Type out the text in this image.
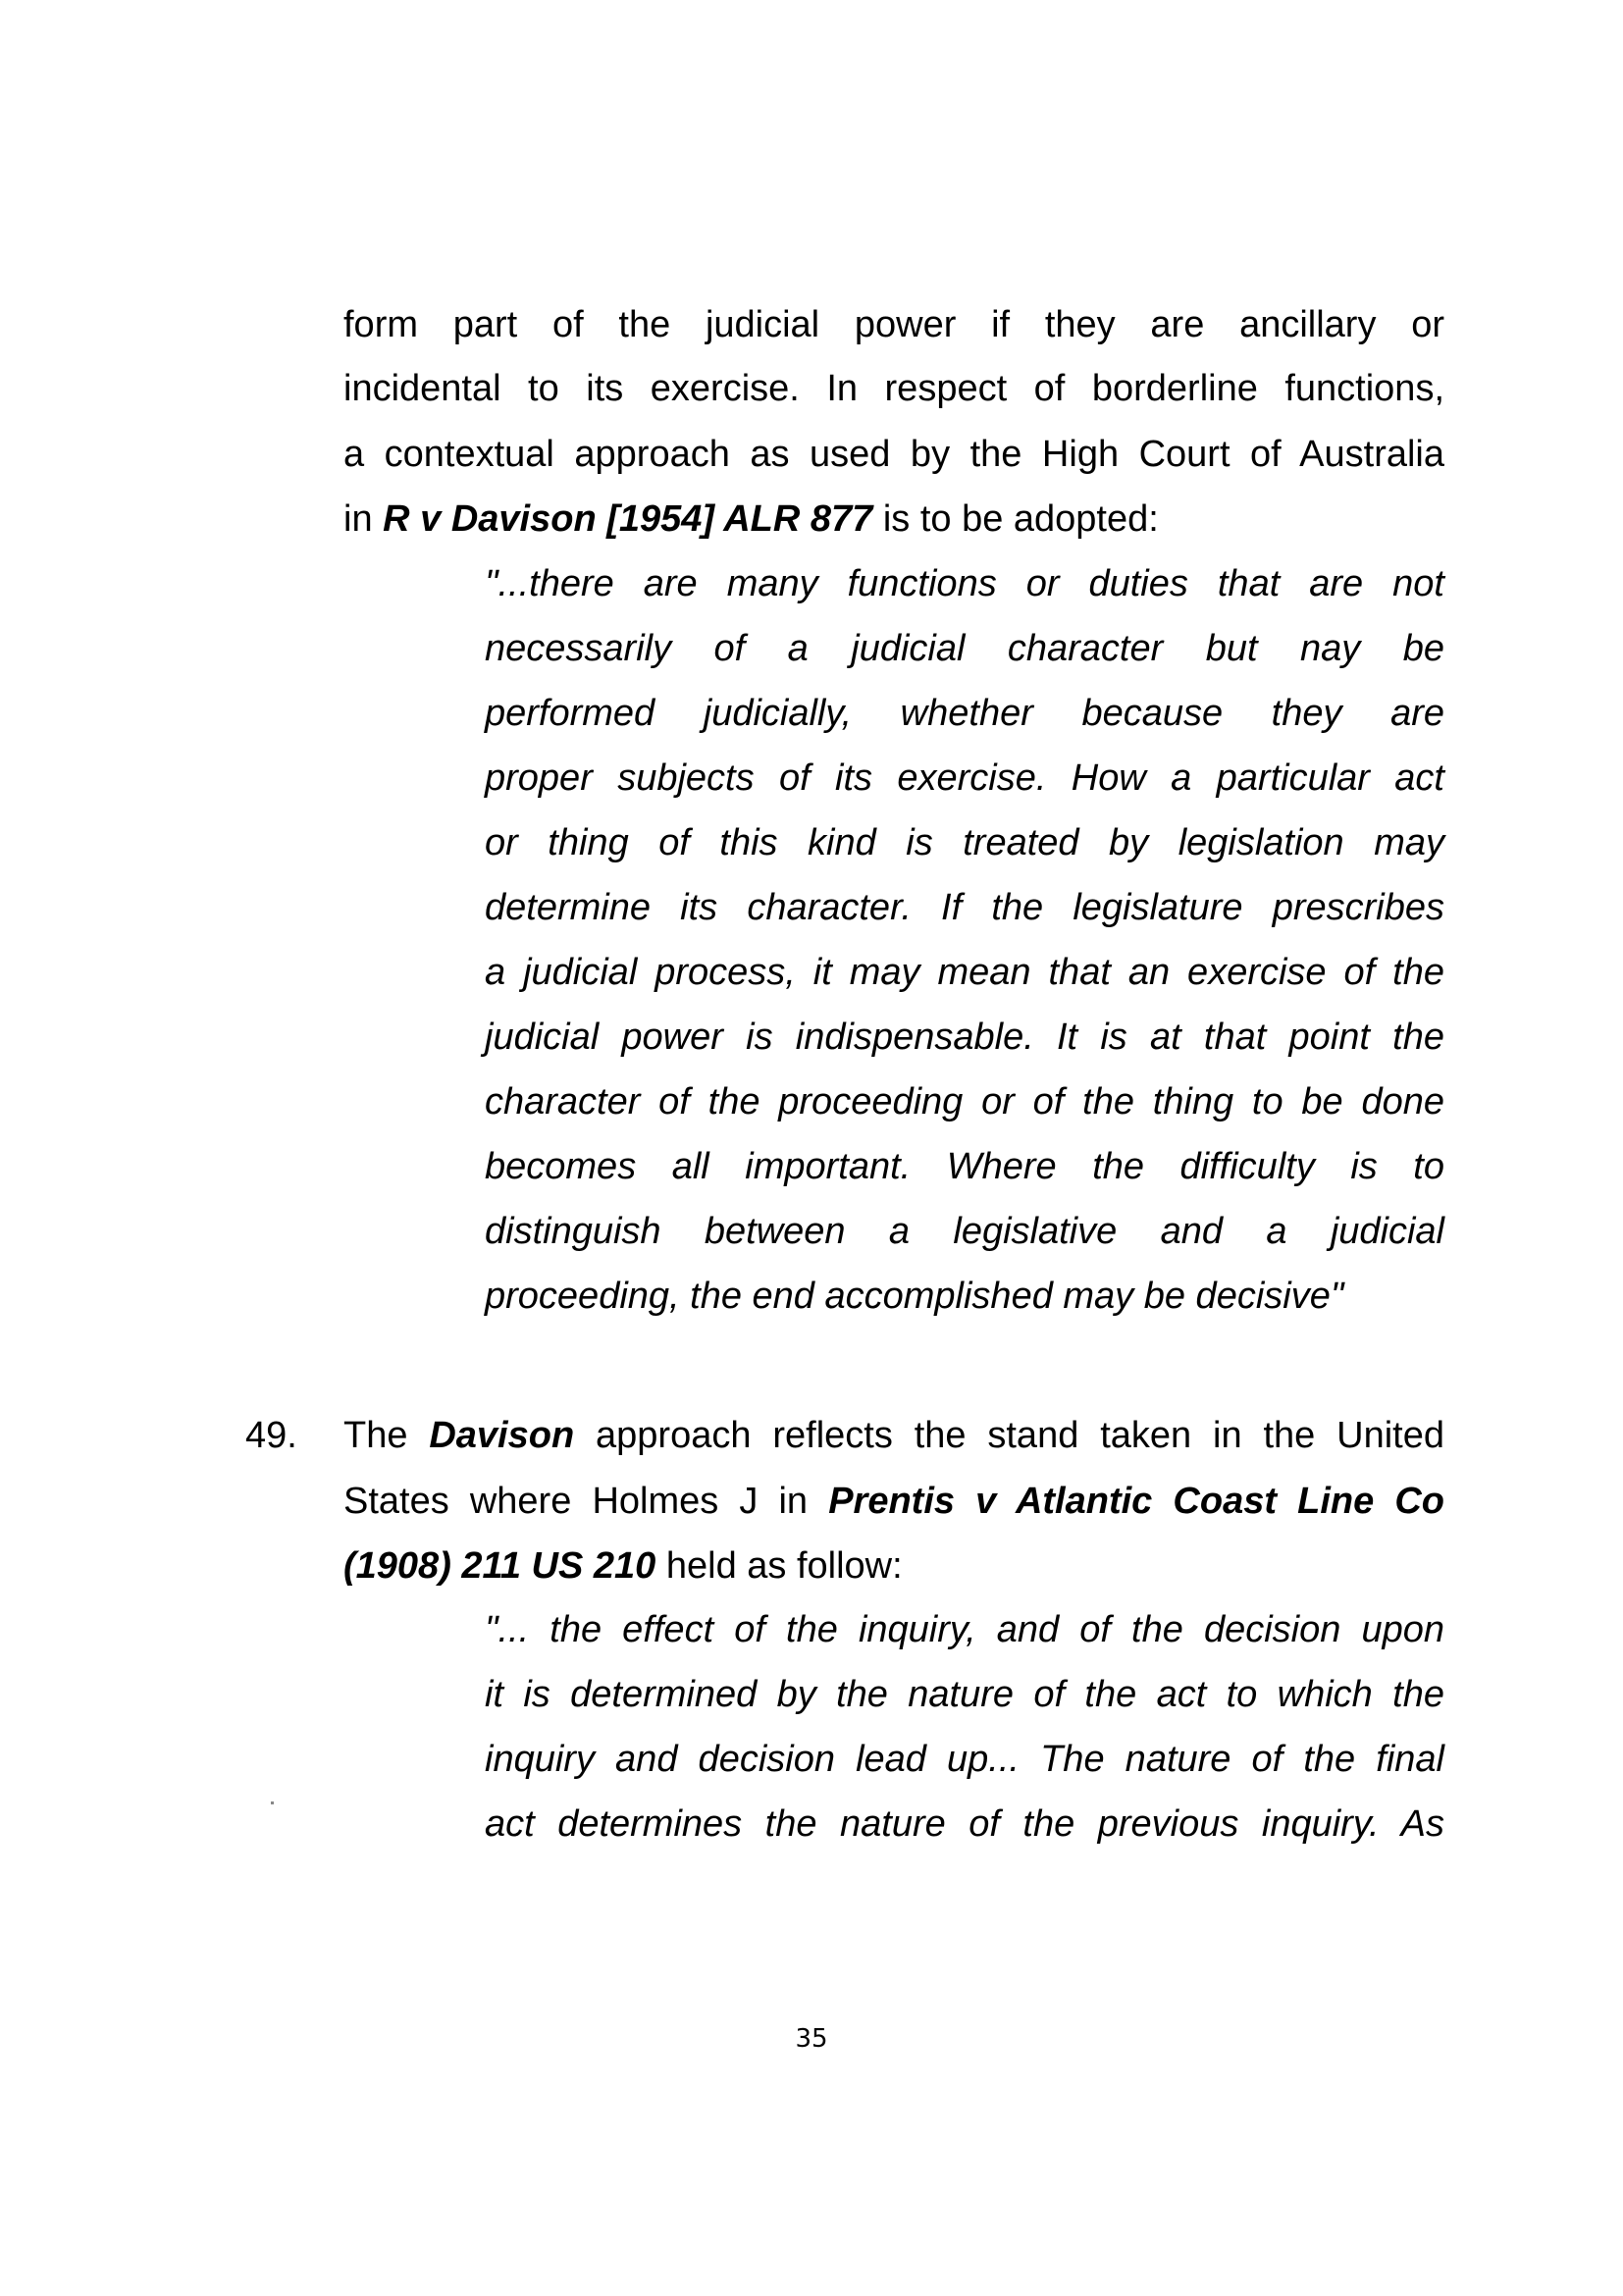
form part of the judicial power if they are ancillary or
incidental to its exercise. In respect of borderline functions,
a contextual approach as used by the High Court of Australia
in R v Davison [1954] ALR 877 is to be adopted:
"...there are many functions or duties that are not
necessarily of a judicial character but nay be
performed judicially, whether because they are
proper subjects of its exercise. How a particular act
or thing of this kind is treated by legislation may
determine its character. If the legislature prescribes
a judicial process, it may mean that an exercise of the
judicial power is indispensable. It is at that point the
character of the proceeding or of the thing to be done
becomes all important. Where the difficulty is to
distinguish between a legislative and a judicial
proceeding, the end accomplished may be decisive"
49. The Davison approach reflects the stand taken in the United
States where Holmes J in Prentis v Atlantic Coast Line Co
(1908) 211 US 210 held as follow:
"... the effect of the inquiry, and of the decision upon
it is determined by the nature of the act to which the
inquiry and decision lead up... The nature of the final
act determines the nature of the previous inquiry. As
35
